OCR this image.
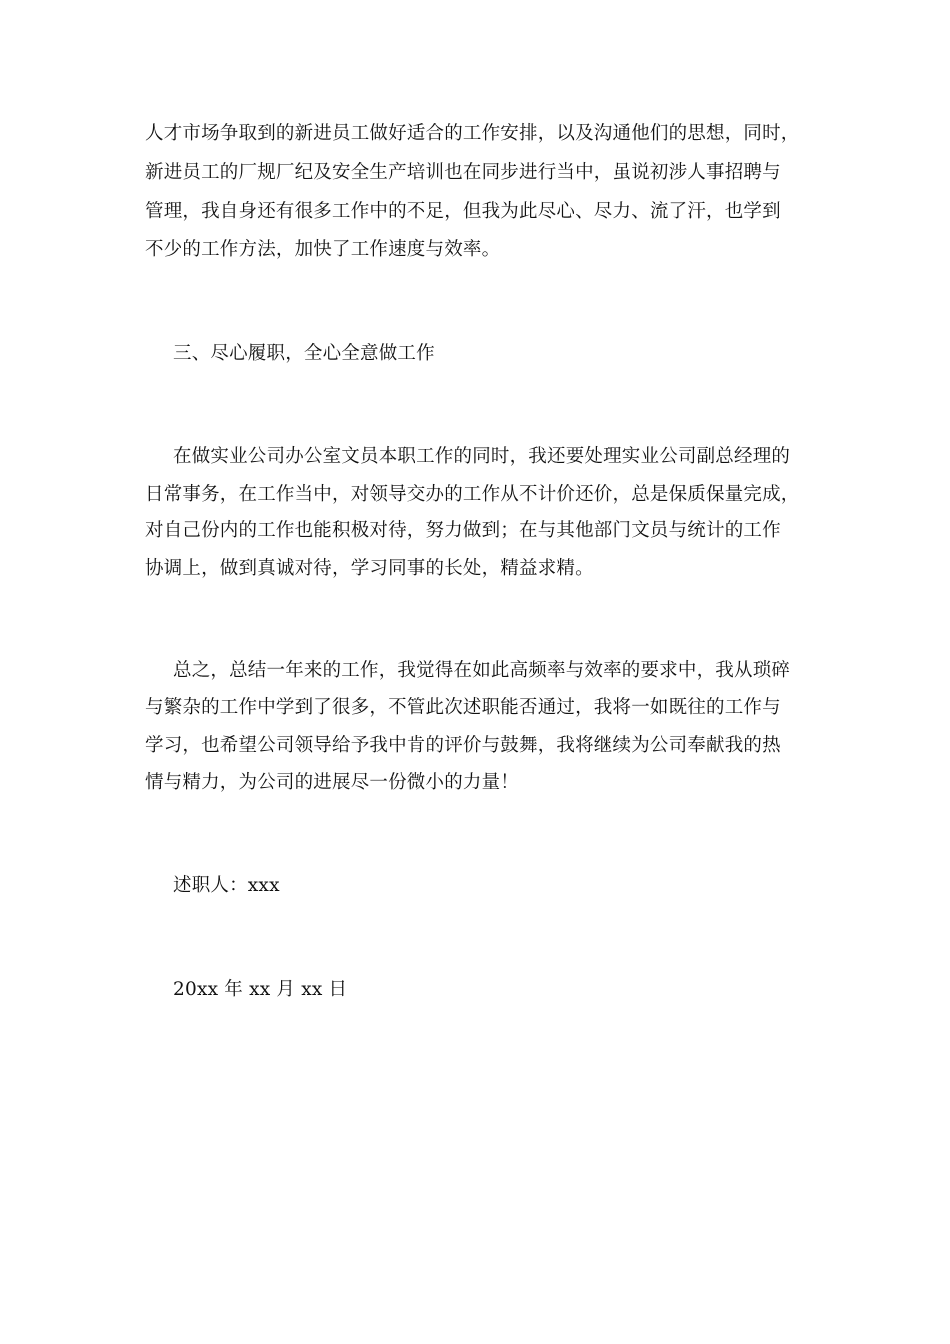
人才市场争取到的新进员工做好适合的工作安排，以及沟通他们的思想，同时，
新进员工的厂规厂纪及安全生产培训也在同步进行当中，虽说初涉人事招聘与
管理，我自身还有很多工作中的不足，但我为此尽心、尽力、流了汗，也学到
不少的工作方法，加快了工作速度与效率。
三、尽心履职，全心全意做工作
在做实业公司办公室文员本职工作的同时，我还要处理实业公司副总经理的
日常事务，在工作当中，对领导交办的工作从不计价还价，总是保质保量完成，
对自己份内的工作也能积极对待，努力做到；在与其他部门文员与统计的工作
协调上，做到真诚对待，学习同事的长处，精益求精。
总之，总结一年来的工作，我觉得在如此高频率与效率的要求中，我从琐碎
与繁杂的工作中学到了很多，不管此次述职能否通过，我将一如既往的工作与
学习，也希望公司领导给予我中肯的评价与鼓舞，我将继续为公司奉献我的热
情与精力，为公司的进展尽一份微小的力量！
述职人：xxx
20xx 年 xx 月 xx 日
